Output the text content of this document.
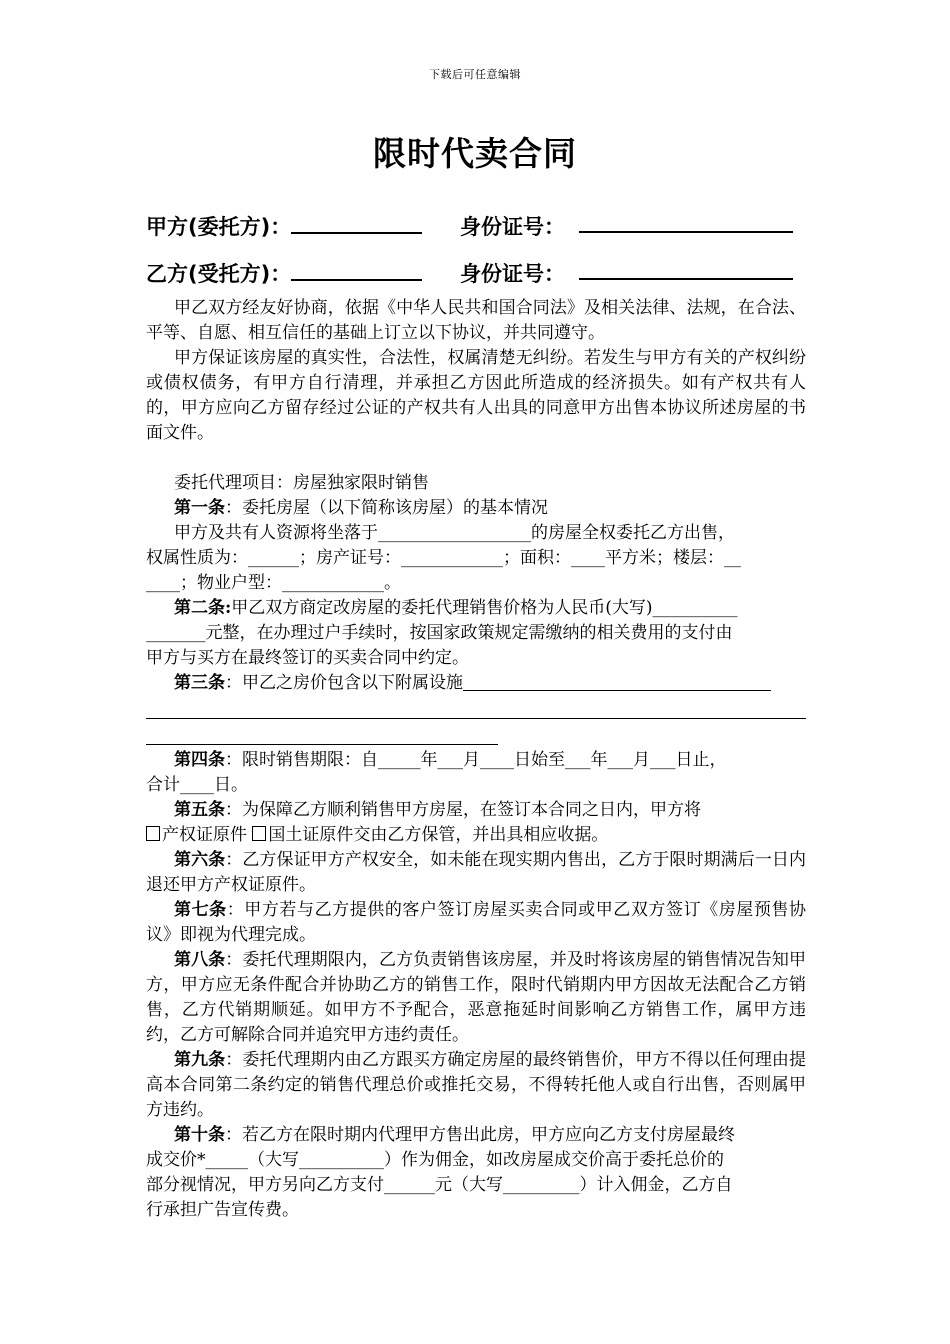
下载后可任意编辑
限时代卖合同
甲方(委托方)：	身份证号：
乙方(受托方)：	身份证号：

甲乙双方经友好协商，依据《中华人民共和国合同法》及相关法律、法规，在合法、平等、自愿、相互信任的基础上订立以下协议，并共同遵守。

甲方保证该房屋的真实性，合法性，权属清楚无纠纷。若发生与甲方有关的产权纠纷或债权债务，有甲方自行清理，并承担乙方因此所造成的经济损失。如有产权共有人的，甲方应向乙方留存经过公证的产权共有人出具的同意甲方出售本协议所述房屋的书面文件。

委托代理项目：房屋独家限时销售

第一条：委托房屋（以下简称该房屋）的基本情况

甲方及共有人资源将坐落于__________________的房屋全权委托乙方出售，
权属性质为：______；房产证号：____________；面积：____平方米；楼层：__
____；物业户型：____________。

第二条:甲乙双方商定改房屋的委托代理销售价格为人民币(大写)__________
_______元整，在办理过户手续时，按国家政策规定需缴纳的相关费用的支付由
甲方与买方在最终签订的买卖合同中约定。

第三条：甲乙之房价包含以下附属设施

第四条：限时销售期限：自_____年___月____日始至___年___月___日止，
合计____日。

第五条：为保障乙方顺利销售甲方房屋，在签订本合同之日内，甲方将
产权证原件 国土证原件交由乙方保管，并出具相应收据。

第六条：乙方保证甲方产权安全，如未能在现实期内售出，乙方于限时期满后一日内退还甲方产权证原件。

第七条：甲方若与乙方提供的客户签订房屋买卖合同或甲乙双方签订《房屋预售协议》即视为代理完成。

第八条：委托代理期限内，乙方负责销售该房屋，并及时将该房屋的销售情况告知甲方，甲方应无条件配合并协助乙方的销售工作，限时代销期内甲方因故无法配合乙方销售，乙方代销期顺延。如甲方不予配合，恶意拖延时间影响乙方销售工作，属甲方违约，乙方可解除合同并追究甲方违约责任。

第九条：委托代理期内由乙方跟买方确定房屋的最终销售价，甲方不得以任何理由提高本合同第二条约定的销售代理总价或推托交易，不得转托他人或自行出售，否则属甲方违约。

第十条：若乙方在限时期内代理甲方售出此房，甲方应向乙方支付房屋最终
成交价*_____（大写__________）作为佣金，如改房屋成交价高于委托总价的
部分视情况，甲方另向乙方支付______元（大写_________）计入佣金，乙方自
行承担广告宣传费。
